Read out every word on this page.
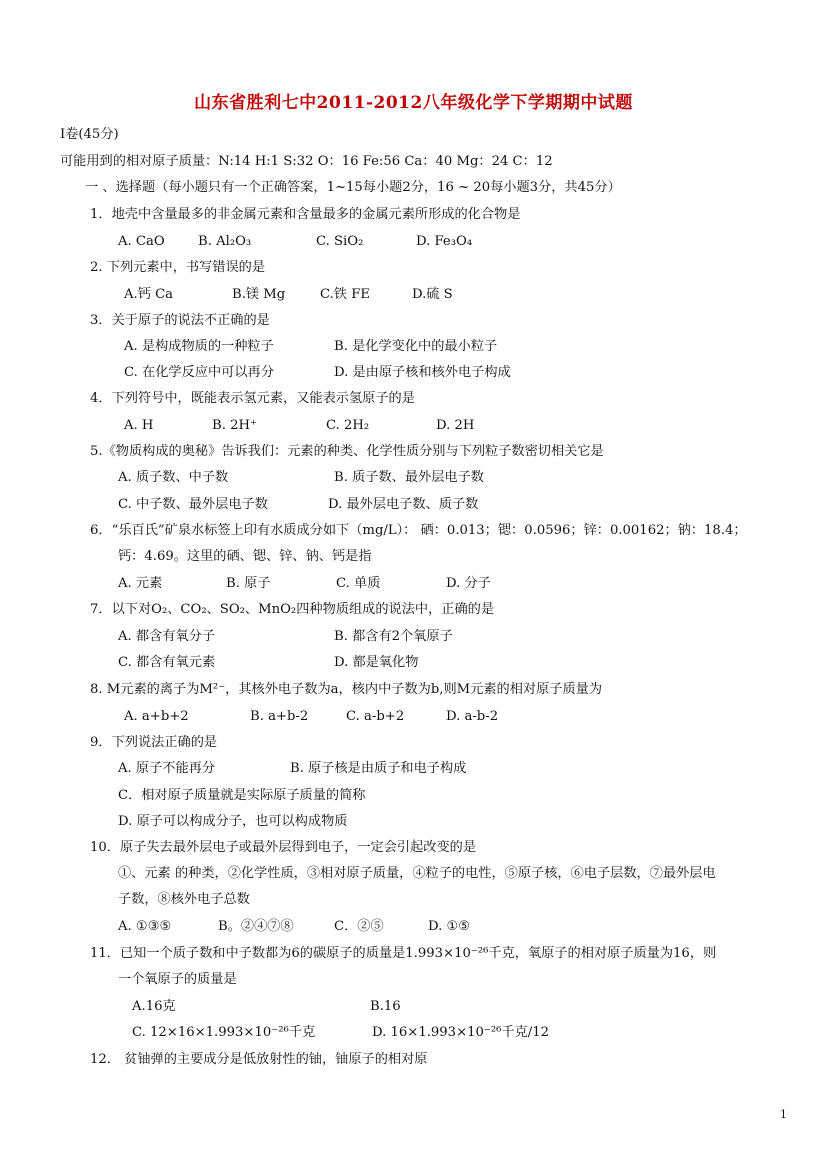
山东省胜利七中2011-2012八年级化学下学期期中试题
Ⅰ卷(45分)
可能用到的相对原子质量：N:14 H:1 S:32 O：16 Fe:56 Ca：40 Mg：24 C：12
一 、选择题（每小题只有一个正确答案，1~15每小题2分，16 ~ 20每小题3分，共45分）
1．地壳中含量最多的非金属元素和含量最多的金属元素所形成的化合物是
A. CaO	B. Al₂O₃	C. SiO₂	D. Fe₃O₄
2. 下列元素中，书写错误的是
A.钙 Ca	B.镁 Mg	C.铁 FE	D.硫 S
3．关于原子的说法不正确的是
A. 是构成物质的一种粒子	B. 是化学变化中的最小粒子
C. 在化学反应中可以再分	D. 是由原子核和核外电子构成
4．下列符号中，既能表示氢元素，又能表示氢原子的是
A. H	B. 2H⁺	C. 2H₂	D. 2H
5.《物质构成的奥秘》告诉我们：元素的种类、化学性质分别与下列粒子数密切相关它是
A. 质子数、中子数	B. 质子数、最外层电子数
C. 中子数、最外层电子数	D. 最外层电子数、质子数
6．“乐百氏”矿泉水标签上印有水质成分如下（mg/L）： 硒：0.013；锶：0.0596；锌：0.00162；钠：18.4；
钙：4.69。这里的硒、锶、锌、钠、钙是指
A. 元素	B. 原子	C. 单质	D. 分子
7．以下对O₂、CO₂、SO₂、MnO₂四种物质组成的说法中，正确的是
A. 都含有氧分子	B. 都含有2个氧原子
C. 都含有氧元素	D. 都是氧化物
8. M元素的离子为M²⁻，其核外电子数为a，核内中子数为b,则M元素的相对原子质量为
A. a+b+2	B. a+b-2	C. a-b+2	D. a-b-2
9．下列说法正确的是
A. 原子不能再分	B. 原子核是由质子和电子构成
C．相对原子质量就是实际原子质量的简称
D. 原子可以构成分子，也可以构成物质
10．原子失去最外层电子或最外层得到电子，一定会引起改变的是
①、元素 的种类，②化学性质，③相对原子质量，④粒子的电性，⑤原子核，⑥电子层数，⑦最外层电
子数，⑧核外电子总数
A. ①③⑤	B。②④⑦⑧	C．②⑤	D. ①⑤
11．已知一个质子数和中子数都为6的碳原子的质量是1.993×10⁻²⁶千克，氧原子的相对原子质量为16，则
一个氧原子的质量是
A.16克	B.16
C. 12×16×1.993×10⁻²⁶千克	D. 16×1.993×10⁻²⁶千克/12
12． 贫铀弹的主要成分是低放射性的铀，铀原子的相对原
1
